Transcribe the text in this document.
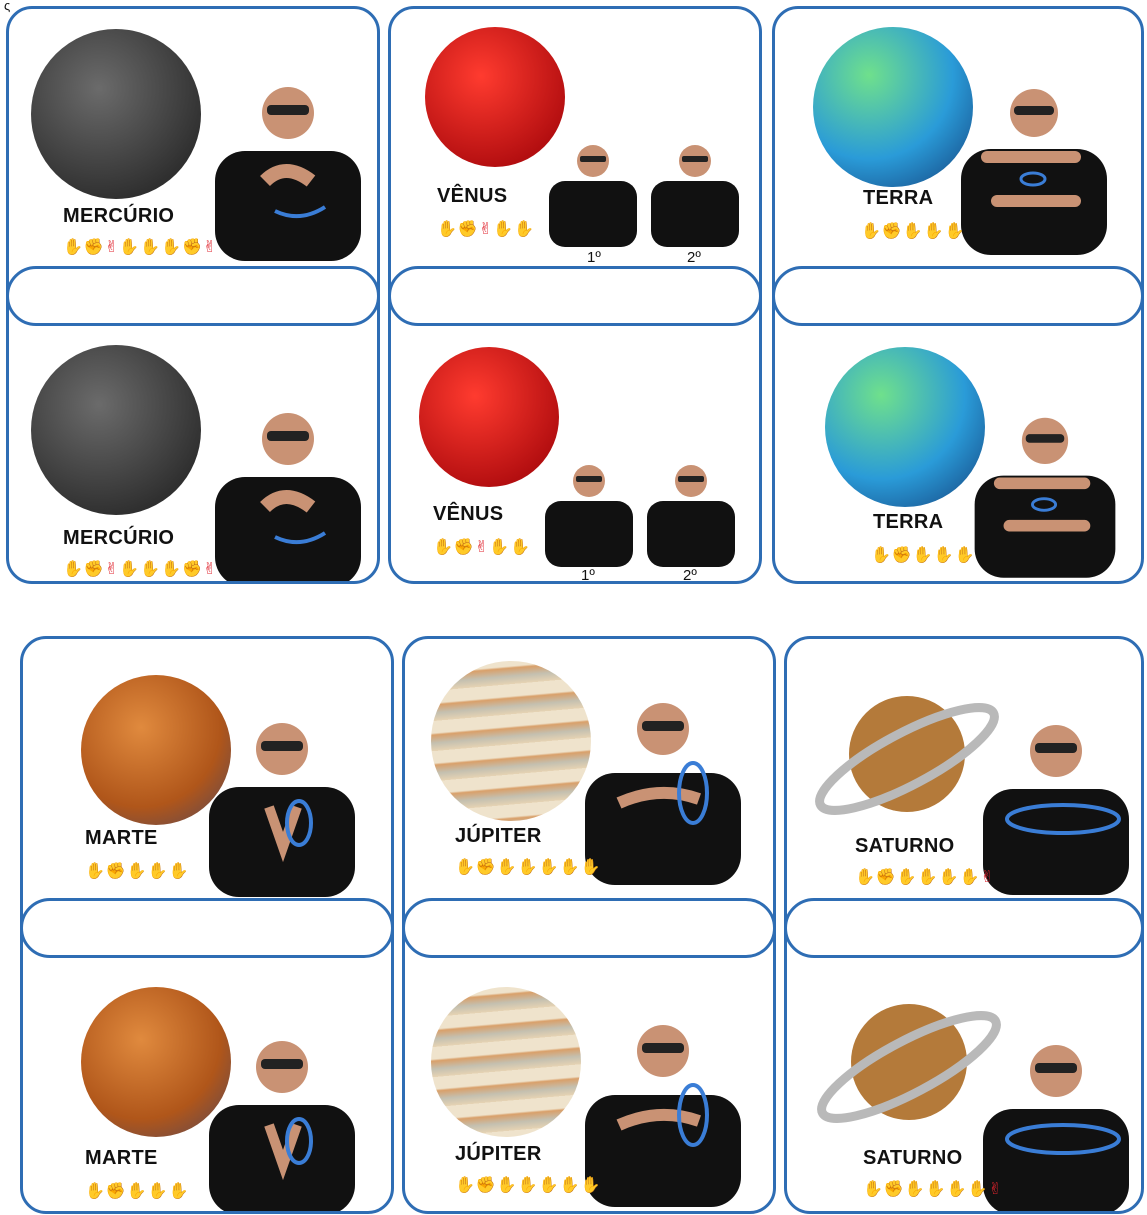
ς
MERCÚRIO
✋✊✌✋✋✋✊✌
MERCÚRIO
✋✊✌✋✋✋✊✌
VÊNUS
✋✊✌✋✋
1º	2º
VÊNUS
✋✊✌✋✋
1º	2º
TERRA
✋✊✋✋✋
TERRA
✋✊✋✋✋
MARTE
✋✊✋✋✋
MARTE
✋✊✋✋✋
JÚPITER
✋✊✋✋✋✋✋
JÚPITER
✋✊✋✋✋✋✋
SATURNO
✋✊✋✋✋✋✌
SATURNO
✋✊✋✋✋✋✌
